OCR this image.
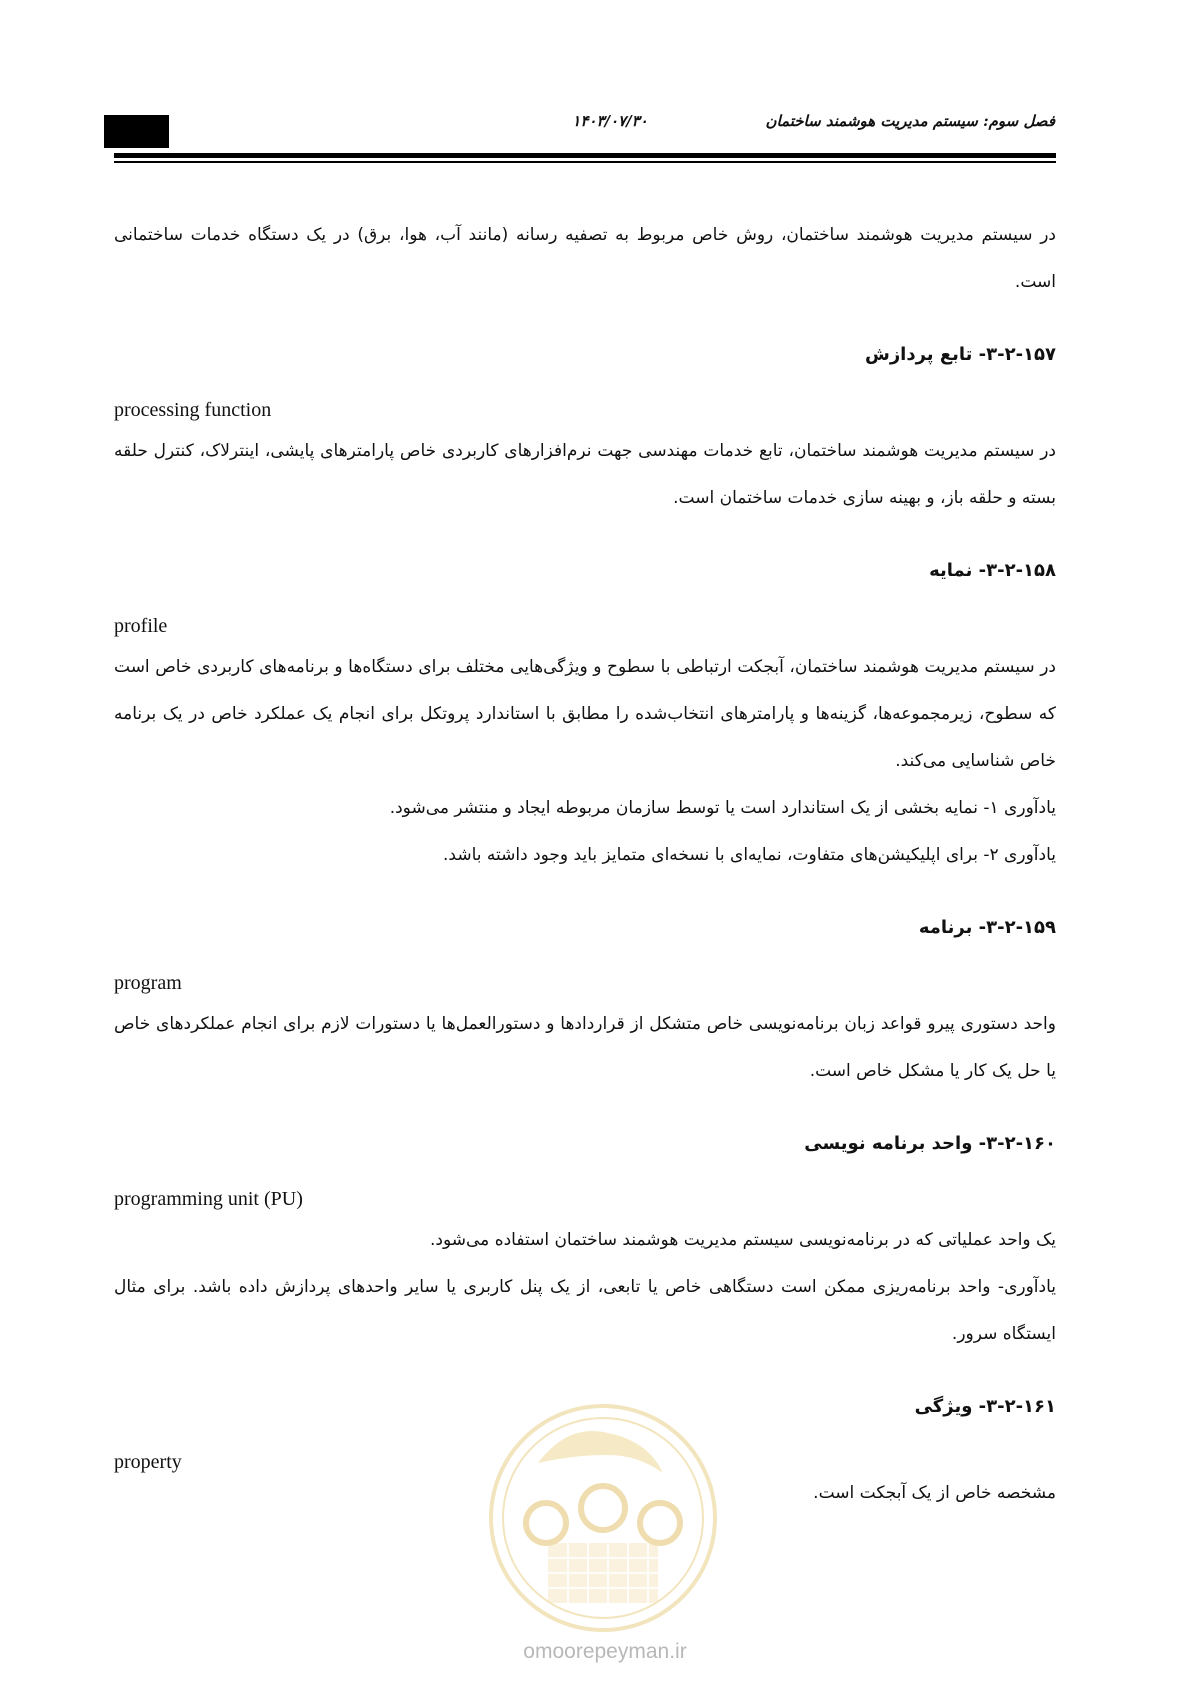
۱۴۰۳/۰۷/۳۰	فصل سوم: سیستم مدیریت هوشمند ساختمان

در سیستم مدیریت هوشمند ساختمان، روش خاص مربوط به تصفیه رسانه (مانند آب، هوا، برق) در یک دستگاه خدمات ساختمانی است.

۳-۲-۱۵۷- تابع پردازش

processing function

در سیستم مدیریت هوشمند ساختمان، تابع خدمات مهندسی جهت نرم‌افزارهای کاربردی خاص پارامترهای پایشی، اینترلاک، کنترل حلقه بسته و حلقه باز، و بهینه سازی خدمات ساختمان است.

۳-۲-۱۵۸- نمایه

profile

در سیستم مدیریت هوشمند ساختمان، آبجکت ارتباطی با سطوح و ویژگی‌هایی مختلف برای دستگاه‌ها و برنامه‌های کاربردی خاص است که سطوح، زیرمجموعه‌ها، گزینه‌ها و پارامترهای انتخاب‌شده را مطابق با استاندارد پروتکل برای انجام یک عملکرد خاص در یک برنامه خاص شناسایی می‌کند.

یادآوری ۱- نمایه بخشی از یک استاندارد است یا توسط سازمان مربوطه ایجاد و منتشر می‌شود.

یادآوری ۲- برای اپلیکیشن‌های متفاوت، نمایه‌ای با نسخه‌ای متمایز باید وجود داشته باشد.

۳-۲-۱۵۹- برنامه

program

واحد دستوری پیرو قواعد زبان برنامه‌نویسی خاص متشکل از قراردادها و دستورالعمل‌ها یا دستورات لازم برای انجام عملکردهای خاص یا حل یک کار یا مشکل خاص است.

۳-۲-۱۶۰- واحد برنامه نویسی

programming unit (PU)

یک واحد عملیاتی که در برنامه‌نویسی سیستم مدیریت هوشمند ساختمان استفاده می‌شود.

یادآوری- واحد برنامه‌ریزی ممکن است دستگاهی خاص یا تابعی، از یک پنل کاربری یا سایر واحدهای پردازش داده باشد. برای مثال ایستگاه سرور.

۳-۲-۱۶۱- ویژگی

property

مشخصه خاص از یک آبجکت است.

omoorepeyman.ir
